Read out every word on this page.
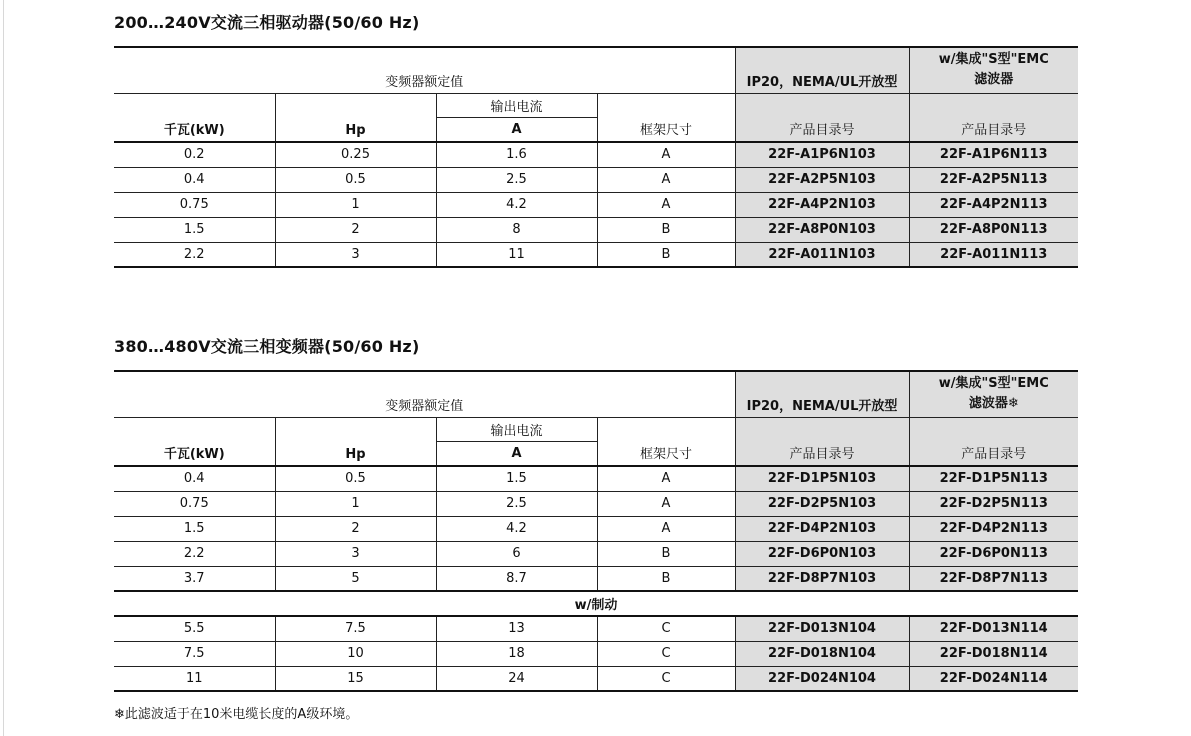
200…240V交流三相驱动器(50/60 Hz)
变频器额定值				IP20，NEMA/UL开放型	w/集成"S型"EMC
滤波器

千瓦(kW)	Hp	输出电流	框架尺寸	产品目录号	产品目录号
		A			
0.2	0.25	1.6	A	22F-A1P6N103	22F-A1P6N113
0.4	0.5	2.5	A	22F-A2P5N103	22F-A2P5N113
0.75	1	4.2	A	22F-A4P2N103	22F-A4P2N113
1.5	2	8	B	22F-A8P0N103	22F-A8P0N113
2.2	3	11	B	22F-A011N103	22F-A011N113
380…480V交流三相变频器(50/60 Hz)
变频器额定值				IP20，NEMA/UL开放型	w/集成"S型"EMC
滤波器❄

千瓦(kW)	Hp	输出电流	框架尺寸	产品目录号	产品目录号
		A			
0.4	0.5	1.5	A	22F-D1P5N103	22F-D1P5N113
0.75	1	2.5	A	22F-D2P5N103	22F-D2P5N113
1.5	2	4.2	A	22F-D4P2N103	22F-D4P2N113
2.2	3	6	B	22F-D6P0N103	22F-D6P0N113
3.7	5	8.7	B	22F-D8P7N103	22F-D8P7N113
w/制动					
5.5	7.5	13	C	22F-D013N104	22F-D013N114
7.5	10	18	C	22F-D018N104	22F-D018N114
11	15	24	C	22F-D024N104	22F-D024N114
❄此滤波适于在10米电缆长度的A级环境。
